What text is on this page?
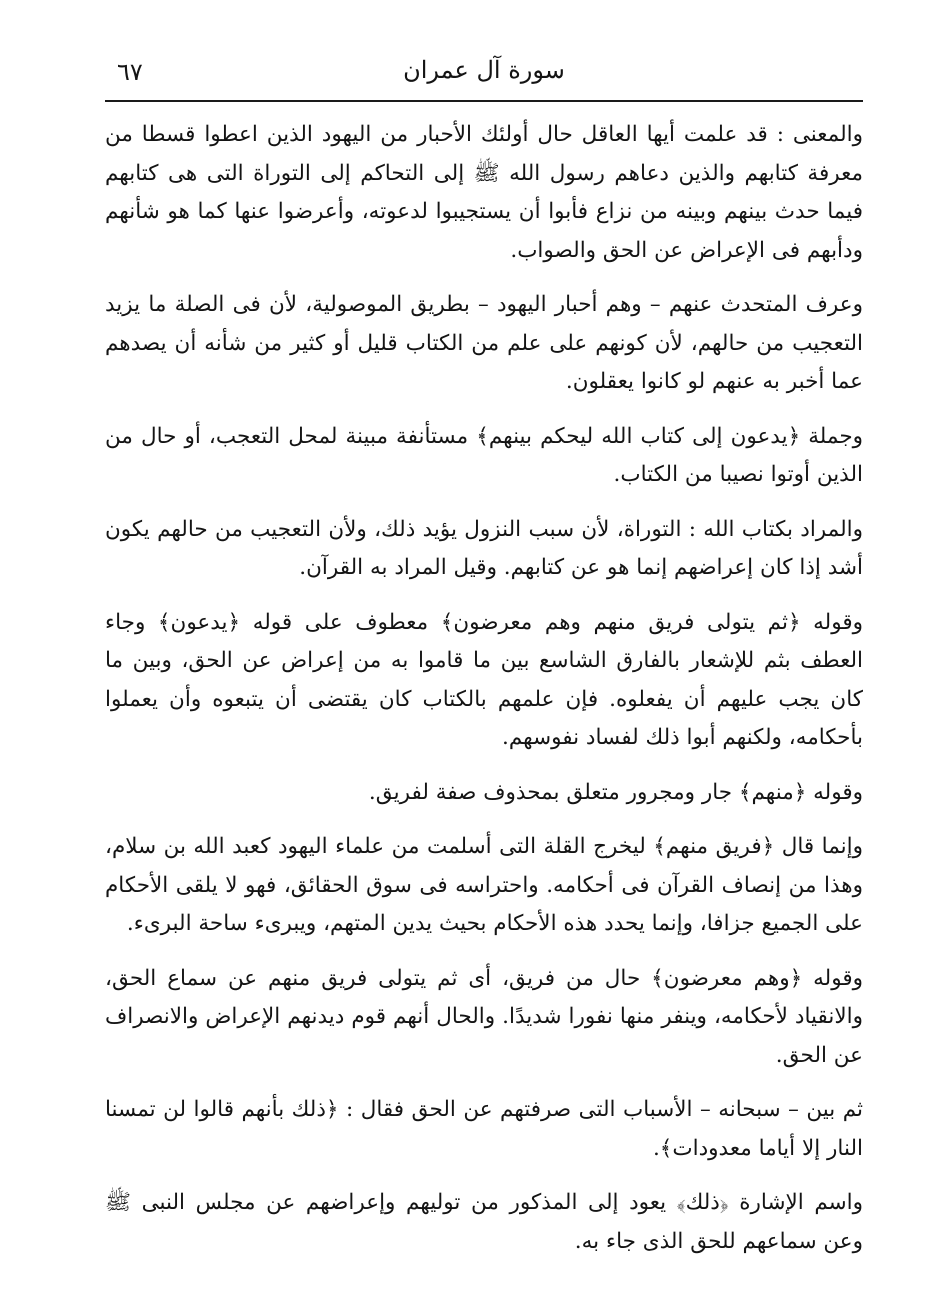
٦٧	سورة آل عمران

والمعنى : قد علمت أيها العاقل حال أولئك الأحبار من اليهود الذين اعطوا قسطا من معرفة كتابهم والذين دعاهم رسول الله ﷺ إلى التحاكم إلى التوراة التى هى كتابهم فيما حدث بينهم وبينه من نزاع فأبوا أن يستجيبوا لدعوته، وأعرضوا عنها كما هو شأنهم ودأبهم فى الإعراض عن الحق والصواب.

وعرف المتحدث عنهم – وهم أحبار اليهود – بطريق الموصولية، لأن فى الصلة ما يزيد التعجيب من حالهم، لأن كونهم على علم من الكتاب قليل أو كثير من شأنه أن يصدهم عما أخبر به عنهم لو كانوا يعقلون.

وجملة ﴿يدعون إلى كتاب الله ليحكم بينهم﴾ مستأنفة مبينة لمحل التعجب، أو حال من الذين أوتوا نصيبا من الكتاب.

والمراد بكتاب الله : التوراة، لأن سبب النزول يؤيد ذلك، ولأن التعجيب من حالهم يكون أشد إذا كان إعراضهم إنما هو عن كتابهم. وقيل المراد به القرآن.

وقوله ﴿ثم يتولى فريق منهم وهم معرضون﴾ معطوف على قوله ﴿يدعون﴾ وجاء العطف بثم للإشعار بالفارق الشاسع بين ما قاموا به من إعراض عن الحق، وبين ما كان يجب عليهم أن يفعلوه. فإن علمهم بالكتاب كان يقتضى أن يتبعوه وأن يعملوا بأحكامه، ولكنهم أبوا ذلك لفساد نفوسهم.

وقوله ﴿منهم﴾ جار ومجرور متعلق بمحذوف صفة لفريق.

وإنما قال ﴿فريق منهم﴾ ليخرج القلة التى أسلمت من علماء اليهود كعبد الله بن سلام، وهذا من إنصاف القرآن فى أحكامه. واحتراسه فى سوق الحقائق، فهو لا يلقى الأحكام على الجميع جزافا، وإنما يحدد هذه الأحكام بحيث يدين المتهم، ويبرىء ساحة البرىء.

وقوله ﴿وهم معرضون﴾ حال من فريق، أى ثم يتولى فريق منهم عن سماع الحق، والانقياد لأحكامه، وينفر منها نفورا شديدًا. والحال أنهم قوم ديدنهم الإعراض والانصراف عن الحق.

ثم بين – سبحانه – الأسباب التى صرفتهم عن الحق فقال : ﴿ذلك بأنهم قالوا لن تمسنا النار إلا أياما معدودات﴾.

واسم الإشارة ﴿ذلك﴾ يعود إلى المذكور من توليهم وإعراضهم عن مجلس النبى ﷺ وعن سماعهم للحق الذى جاء به.
